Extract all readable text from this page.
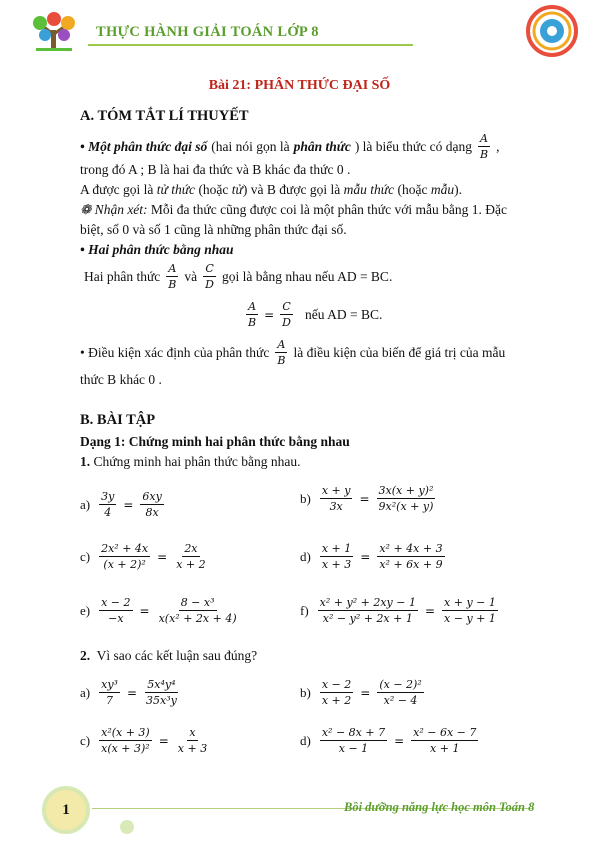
THỰC HÀNH GIẢI TOÁN LỚP 8
Bài 21: PHÂN THỨC ĐẠI SỐ
A. TÓM TẮT LÍ THUYẾT
• Một phân thức đại số (hai nói gọn là phân thức ) là biểu thức có dạng $\frac{A}{B}$ ,
trong đó A ; B là hai đa thức và B khác đa thức 0 .
A được gọi là tử thức (hoặc tử) và B được gọi là mẫu thức (hoặc mẫu).
❁ Nhận xét: Mỗi đa thức cũng được coi là một phân thức với mẫu bằng 1. Đặc
biệt, số 0 và số 1 cũng là những phân thức đại số.
• Hai phân thức bằng nhau
Hai phân thức $\frac{A}{B}$ và $\frac{C}{D}$ gọi là bằng nhau nếu AD = BC.
$\frac{A}{B} = \frac{C}{D}$ nếu AD = BC.
• Điều kiện xác định của phân thức $\frac{A}{B}$ là điều kiện của biến để giá trị của mẫu
thức B khác 0 .
B. BÀI TẬP
Dạng 1: Chứng minh hai phân thức bằng nhau
1. Chứng minh hai phân thức bằng nhau.
$a) \frac{3y}{4} = \frac{6xy}{8x}$	$b) \frac{x + y}{3x} = \frac{\text{3x(x + y)²}}{\text{9x²(x + y)}}$
$c) \frac{\text{2x² + 4x}}{\text{(x + 2)²}} = \frac{2x}{x + 2}$	$d) \frac{x + 1}{x + 3} = \frac{\text{x² + 4x + 3}}{\text{x² + 6x + 9}}$
$e) \frac{x - 2}{-x} = \frac{\text{8 − x³}}{\text{x(x² + 2x + 4)}}$	$f) \frac{\text{x² + y² + 2xy − 1}}{\text{x² − y² + 2x + 1}} = \frac{x + y - 1}{x - y + 1}$
2. Vì sao các kết luận sau đúng?
$a) \frac{\text{xy³}}{7} = \frac{\text{5x⁴y⁴}}{\text{35x³y}}$	$b) \frac{x - 2}{x + 2} = \frac{\text{(x − 2)²}}{\text{x² − 4}}$
$c) \frac{\text{x²(x + 3)}}{\text{x(x + 3)²}} = \frac{x}{x + 3}$	$d) \frac{\text{x² − 8x + 7}}{x - 1} = \frac{\text{x² − 6x − 7}}{x + 1}$
1	Bồi dưỡng năng lực học môn Toán 8
